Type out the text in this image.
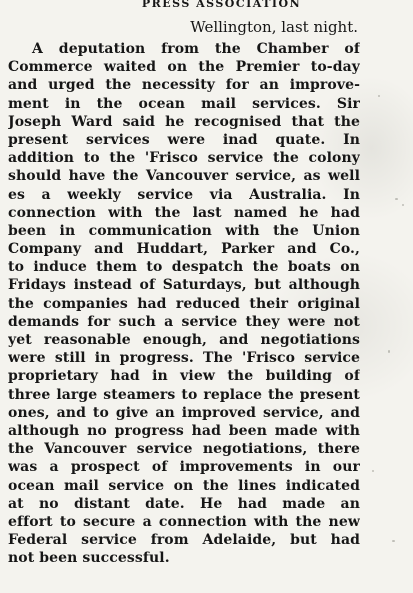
PRESS ASSOCIATION
Wellington, last night.
A deputation from the Chamber of
Commerce waited on the Premier to-day
and urged the necessity for an improve-
ment in the ocean mail services. Sir
Joseph Ward said he recognised that the
present services were inad quate. In
addition to the 'Frisco service the colony
should have the Vancouver service, as well
es a weekly service via Australia. In
connection with the last named he had
been in communication with the Union
Company and Huddart, Parker and Co.,
to induce them to despatch the boats on
Fridays instead of Saturdays, but although
the companies had reduced their original
demands for such a service they were not
yet reasonable enough, and negotiations
were still in progress. The 'Frisco service
proprietary had in view the building of
three large steamers to replace the present
ones, and to give an improved service, and
although no progress had been made with
the Vancouver service negotiations, there
was a prospect of improvements in our
ocean mail service on the lines indicated
at no distant date. He had made an
effort to secure a connection with the new
Federal service from Adelaide, but had
not been successful.
